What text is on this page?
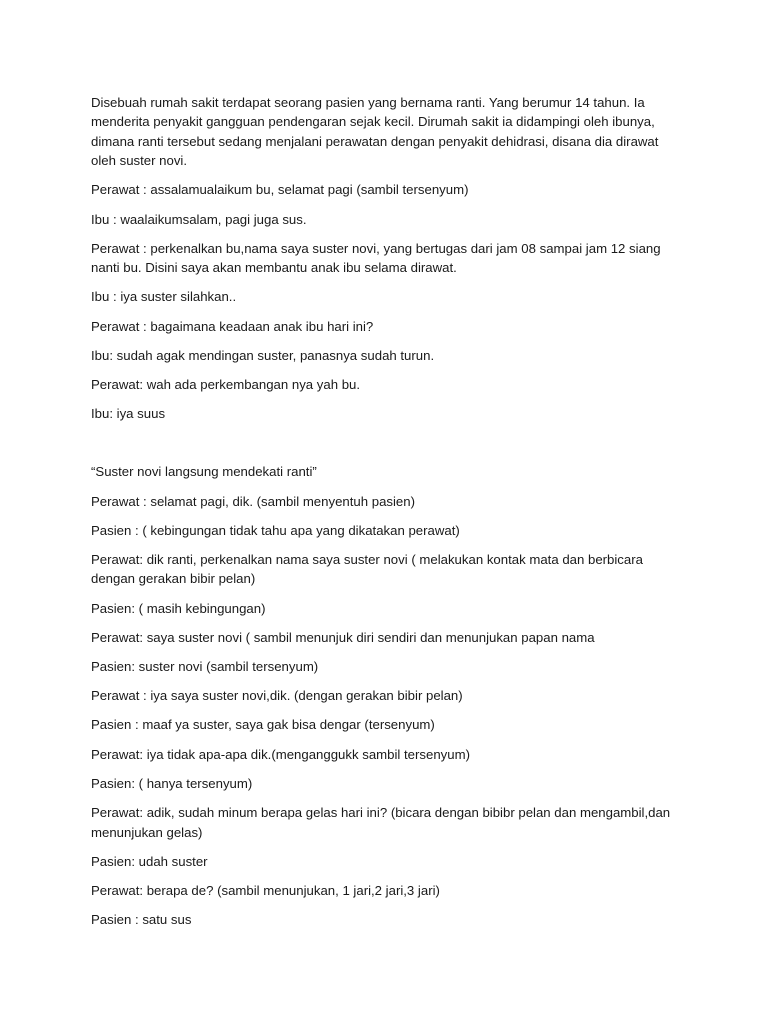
Disebuah rumah sakit terdapat seorang pasien yang bernama ranti. Yang berumur 14 tahun. Ia menderita penyakit gangguan pendengaran sejak kecil. Dirumah sakit ia didampingi oleh ibunya, dimana ranti tersebut sedang menjalani perawatan dengan penyakit dehidrasi, disana dia dirawat oleh suster novi.

Perawat : assalamualaikum bu, selamat pagi (sambil tersenyum)

Ibu : waalaikumsalam, pagi juga sus.

Perawat : perkenalkan bu,nama saya suster novi, yang bertugas dari jam 08 sampai jam 12 siang nanti bu. Disini saya akan membantu anak ibu selama dirawat.

Ibu : iya suster silahkan..

Perawat : bagaimana keadaan anak ibu hari ini?

Ibu: sudah agak mendingan suster, panasnya sudah turun.

Perawat: wah ada perkembangan nya yah bu.

Ibu: iya suus

“Suster novi langsung mendekati ranti”

Perawat : selamat pagi, dik. (sambil menyentuh pasien)

Pasien : ( kebingungan tidak tahu apa yang dikatakan perawat)

Perawat: dik ranti, perkenalkan nama saya suster novi ( melakukan kontak mata dan berbicara dengan gerakan bibir pelan)

Pasien: ( masih kebingungan)

Perawat: saya suster novi ( sambil menunjuk diri sendiri dan menunjukan papan nama

Pasien: suster novi (sambil tersenyum)

Perawat : iya saya suster novi,dik. (dengan gerakan bibir pelan)

Pasien : maaf ya suster, saya gak bisa dengar (tersenyum)

Perawat: iya tidak apa-apa dik.(menganggukk sambil tersenyum)

Pasien: ( hanya tersenyum)

Perawat: adik, sudah minum berapa gelas hari ini? (bicara dengan bibibr pelan dan mengambil,dan menunjukan gelas)

Pasien: udah suster

Perawat: berapa de? (sambil menunjukan, 1 jari,2 jari,3 jari)

Pasien : satu sus
